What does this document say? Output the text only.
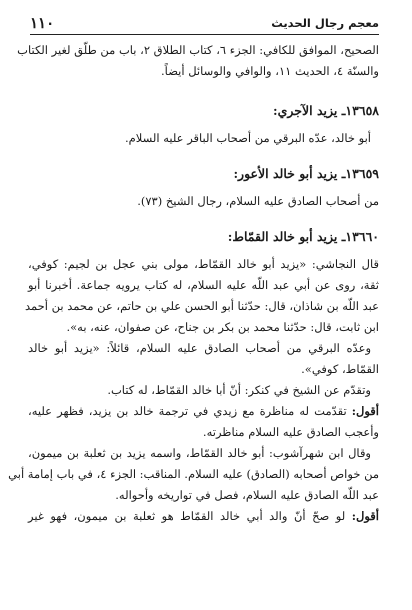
معجم رجال الحديث
١١٠
الصحيح، الموافق للكافي: الجزء ٦، كتاب الطلاق ٢، باب من طلّق لغير الكتاب
والسنّة ٤، الحديث ١١، والوافي والوسائل أيضاً.
١٣٦٥٨ـ يزيد الآجري:
أبو خالد، عدّه البرقي من أصحاب الباقر عليه السلام.
١٣٦٥٩ـ يزيد أبو خالد الأعور:
من أصحاب الصادق عليه السلام، رجال الشيخ (٧٣).
١٣٦٦٠ـ يزيد أبو خالد القمّاط:
قال النجاشي: «يزيد أبو خالد القمّاط، مولى بني عجل بن لجيم: كوفي،
ثقة، روى عن أبي عبد اللّه عليه السلام، له كتاب يرويه جماعة. أخبرنا أبو
عبد اللّه بن شاذان، قال: حدّثنا أبو الحسن علي بن حاتم، عن محمد بن أحمد
ابن ثابت، قال: حدّثنا محمد بن بكر بن جناح، عن صفوان، عنه، به».
وعدّه البرقي من أصحاب الصادق عليه السلام، قائلاً: «يزيد أبو خالد
القمّاط، كوفي».
وتقدّم عن الشيخ في كنكر: أنّ أبا خالد القمّاط، له كتاب.
أقول: تقدّمت له مناظرة مع زيدي في ترجمة خالد بن يزيد، فظهر عليه،
وأعجب الصادق عليه السلام مناظرته.
وقال ابن شهرآشوب: أبو خالد القمّاط، واسمه يزيد بن ثعلبة بن ميمون،
من خواص أصحابه (الصادق) عليه السلام. المناقب: الجزء ٤، في باب إمامة أبي
عبد اللّه الصادق عليه السلام، فصل في تواريخه وأحواله.
أقول: لو صحّ أنّ والد أبي خالد القمّاط هو ثعلبة بن ميمون، فهو غير
